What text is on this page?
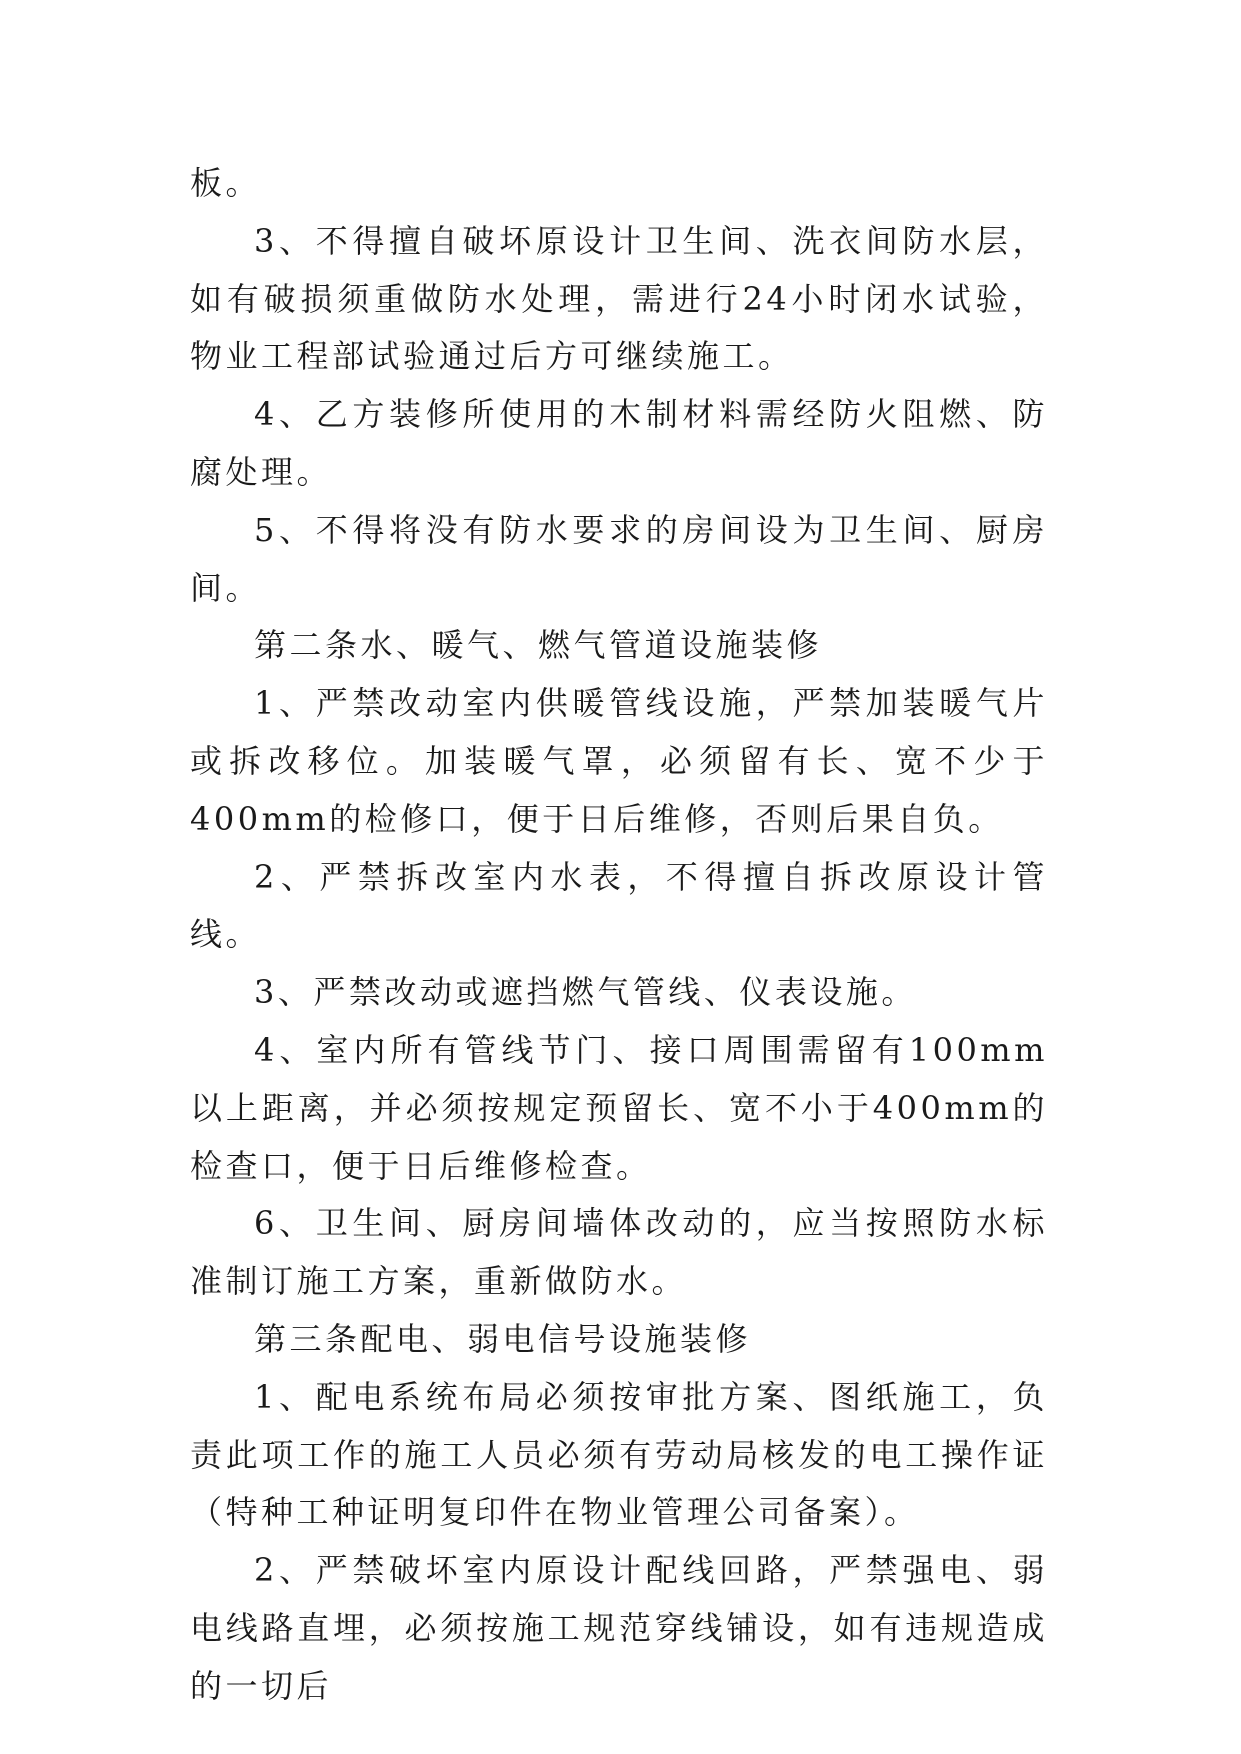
板。

3、不得擅自破坏原设计卫生间、洗衣间防水层，如有破损须重做防水处理，需进行24小时闭水试验，物业工程部试验通过后方可继续施工。

4、乙方装修所使用的木制材料需经防火阻燃、防腐处理。

5、不得将没有防水要求的房间设为卫生间、厨房间。

第二条水、暖气、燃气管道设施装修

1、严禁改动室内供暖管线设施，严禁加装暖气片或拆改移位。加装暖气罩，必须留有长、宽不少于400mm的检修口，便于日后维修，否则后果自负。

2、严禁拆改室内水表，不得擅自拆改原设计管线。

3、严禁改动或遮挡燃气管线、仪表设施。

4、室内所有管线节门、接口周围需留有100mm以上距离，并必须按规定预留长、宽不小于400mm的检查口，便于日后维修检查。

6、卫生间、厨房间墙体改动的，应当按照防水标准制订施工方案，重新做防水。

第三条配电、弱电信号设施装修

1、配电系统布局必须按审批方案、图纸施工，负责此项工作的施工人员必须有劳动局核发的电工操作证（特种工种证明复印件在物业管理公司备案）。

2、严禁破坏室内原设计配线回路，严禁强电、弱电线路直埋，必须按施工规范穿线铺设，如有违规造成的一切后
